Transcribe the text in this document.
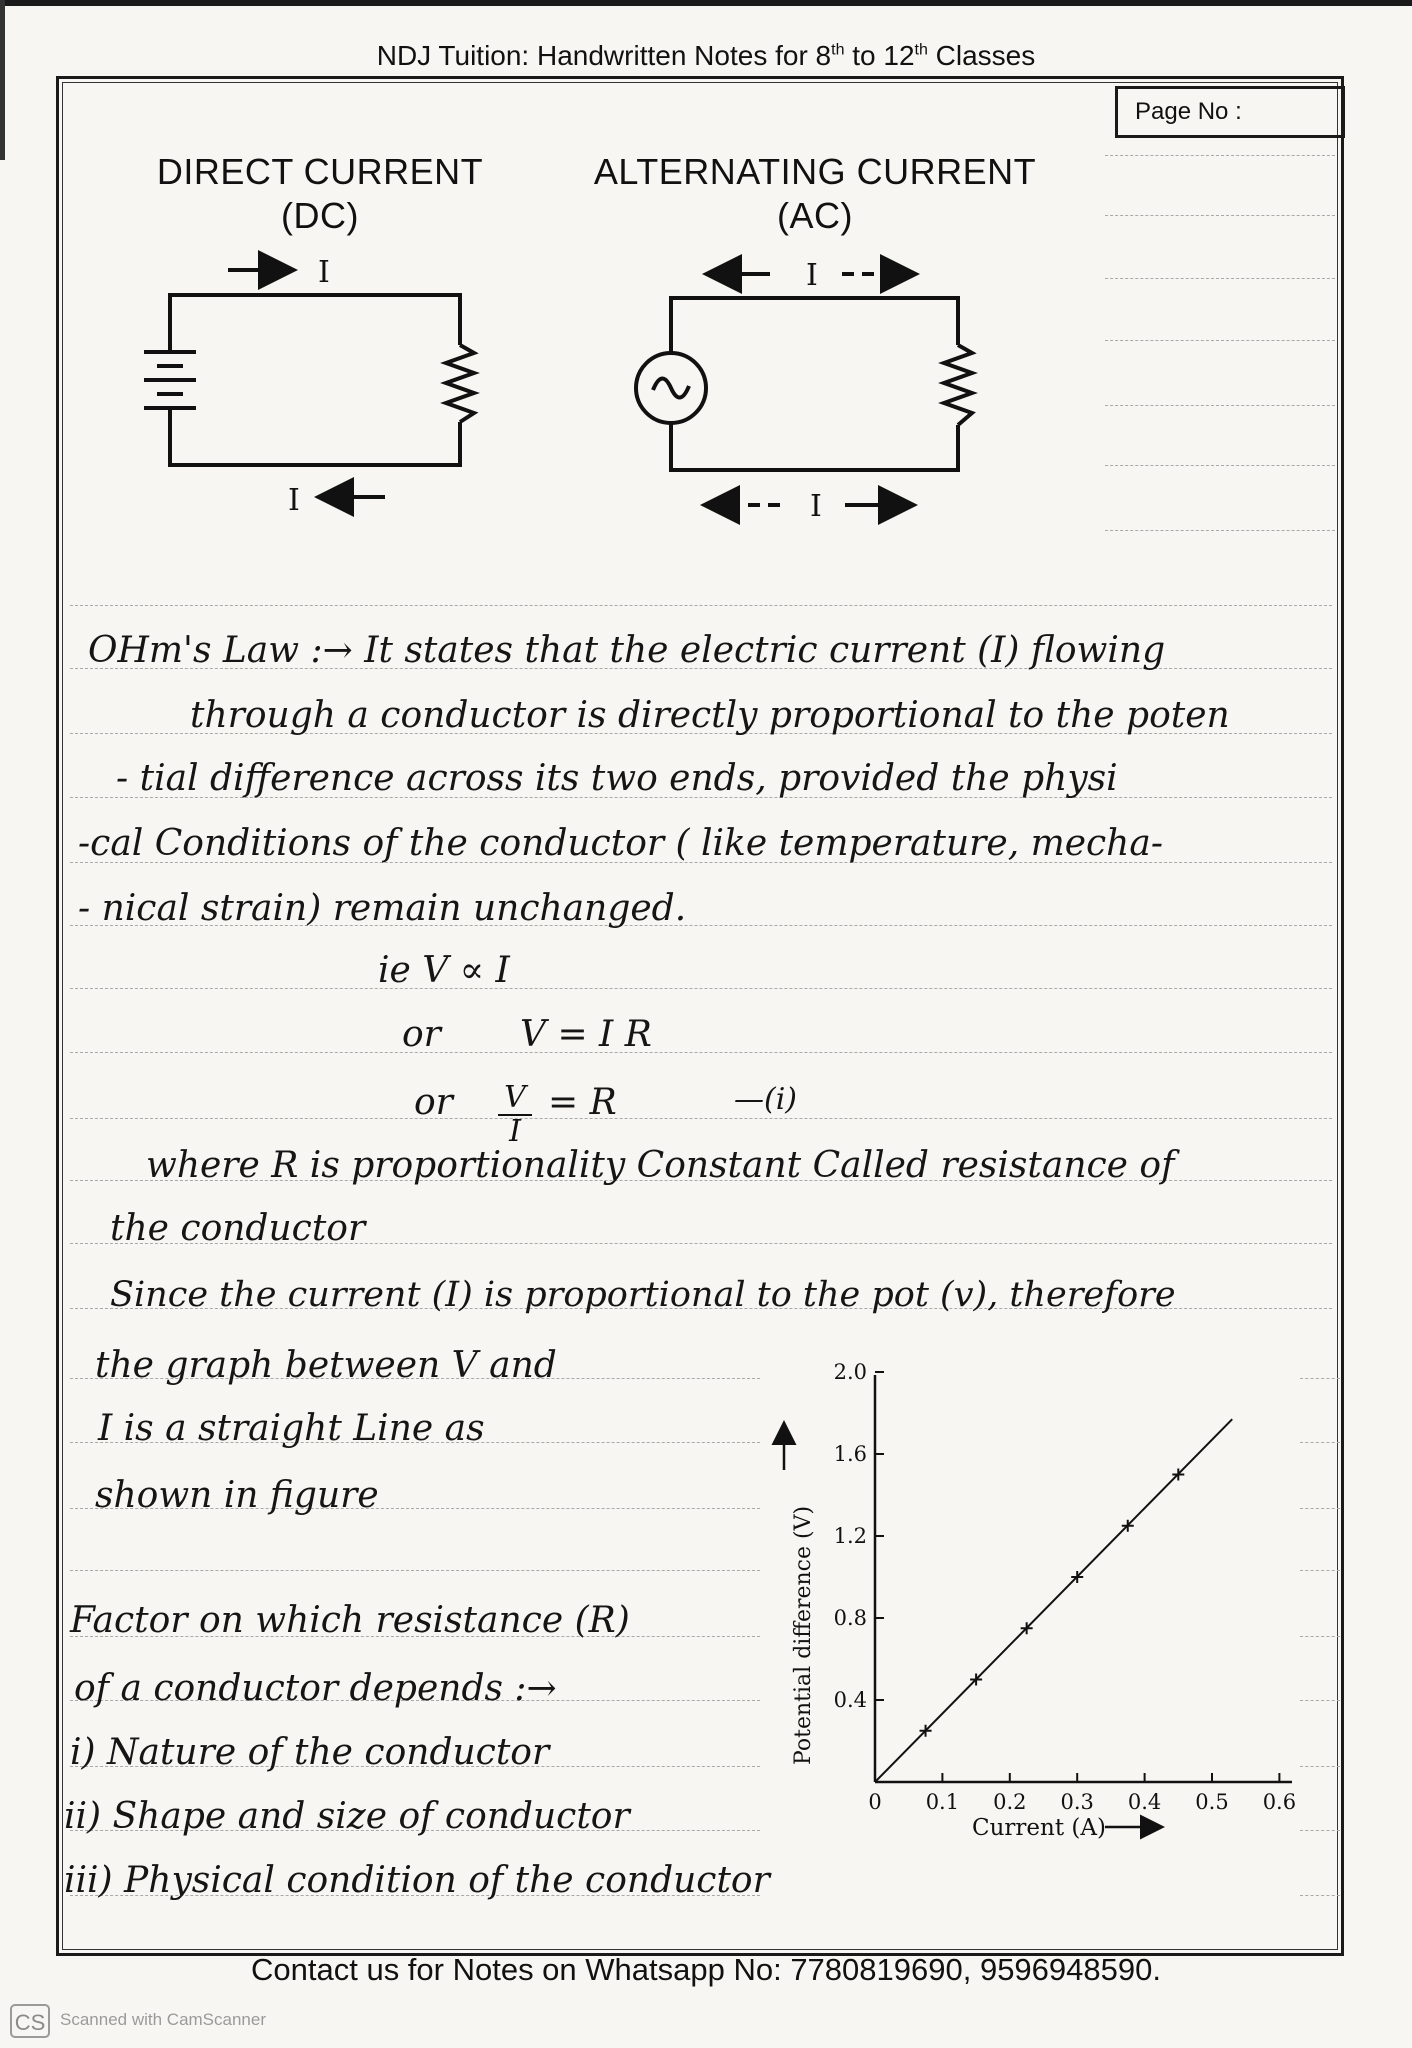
NDJ Tuition: Handwritten Notes for 8th to 12th Classes
Page No :
DIRECT CURRENT
(DC)
ALTERNATING CURRENT
(AC)
I
I
I
I
OHm's Law :→ It states that the electric current (I) flowing
through a conductor is directly proportional to the poten
- tial difference across its two ends, provided the physi
-cal Conditions of the conductor ( like temperature, mecha-
- nical strain) remain unchanged.
ie V ∝ I
or V = I R
or V
I
= R	—(i)
where R is proportionality Constant Called resistance of
the conductor
Since the current (I) is proportional to the pot (v), therefore
the graph between V and
I is a straight Line as
shown in figure
Factor on which resistance (R)
of a conductor depends :→
i) Nature of the conductor
ii) Shape and size of conductor
iii) Physical condition of the conductor
0.4
0.8
1.2
1.6
2.0
0 0.1 0.2 0.3 0.4 0.5 0.6
Potential difference (V)
Current (A)
Contact us for Notes on Whatsapp No: 7780819690, 9596948590.
CS Scanned with CamScanner
